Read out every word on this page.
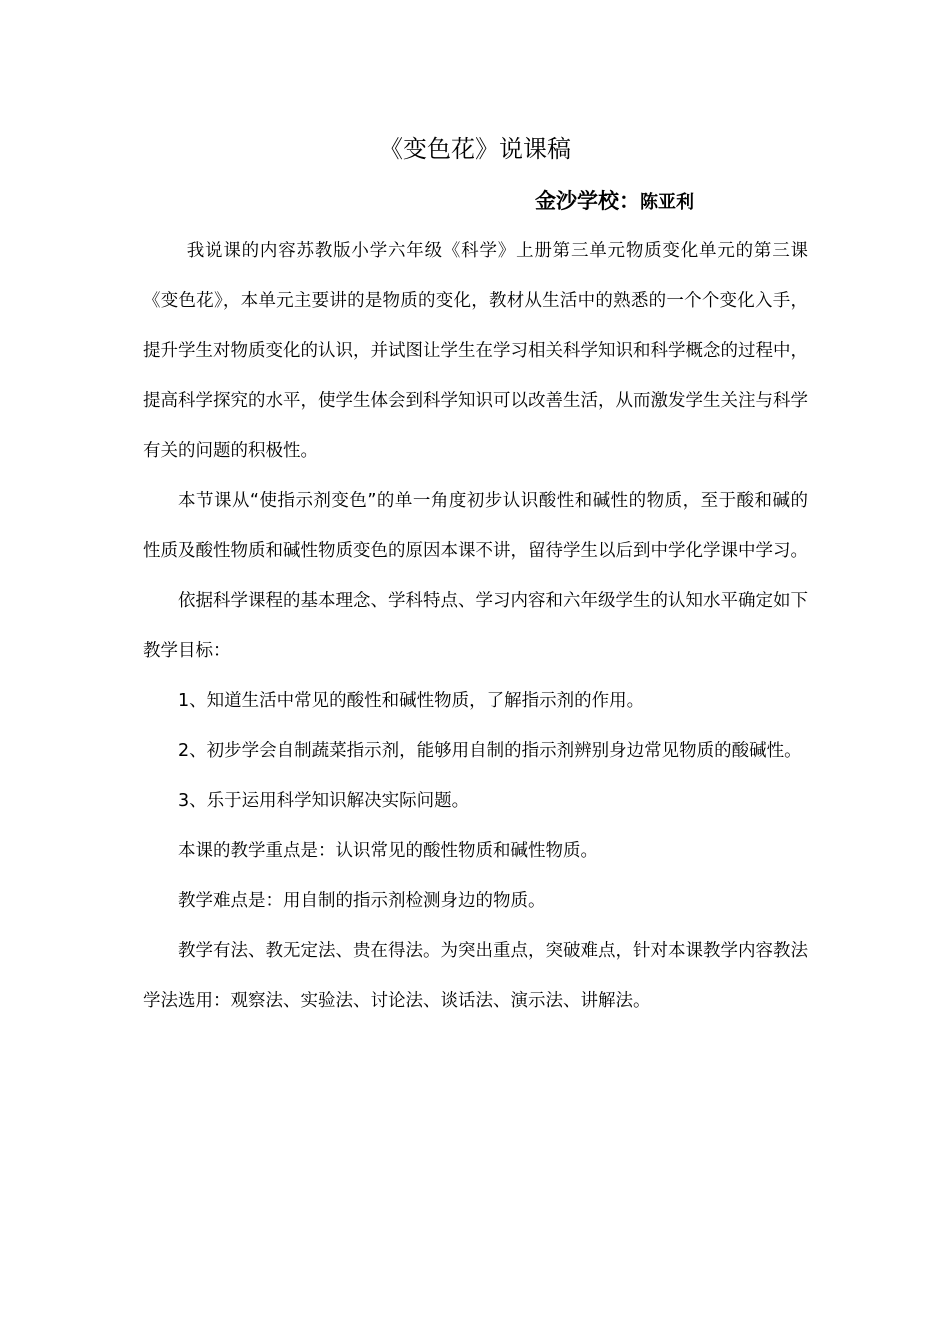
《变色花》说课稿
金沙学校：陈亚利

我说课的内容苏教版小学六年级《科学》上册第三单元物质变化单元的第三课《变色花》，本单元主要讲的是物质的变化，教材从生活中的熟悉的一个个变化入手，提升学生对物质变化的认识，并试图让学生在学习相关科学知识和科学概念的过程中，提高科学探究的水平，使学生体会到科学知识可以改善生活，从而激发学生关注与科学有关的问题的积极性。

本节课从“使指示剂变色”的单一角度初步认识酸性和碱性的物质，至于酸和碱的性质及酸性物质和碱性物质变色的原因本课不讲，留待学生以后到中学化学课中学习。

依据科学课程的基本理念、学科特点、学习内容和六年级学生的认知水平确定如下教学目标：

1、知道生活中常见的酸性和碱性物质，了解指示剂的作用。

2、初步学会自制蔬菜指示剂，能够用自制的指示剂辨别身边常见物质的酸碱性。

3、乐于运用科学知识解决实际问题。

本课的教学重点是：认识常见的酸性物质和碱性物质。

教学难点是：用自制的指示剂检测身边的物质。

教学有法、教无定法、贵在得法。为突出重点，突破难点，针对本课教学内容教法学法选用：观察法、实验法、讨论法、谈话法、演示法、讲解法。
